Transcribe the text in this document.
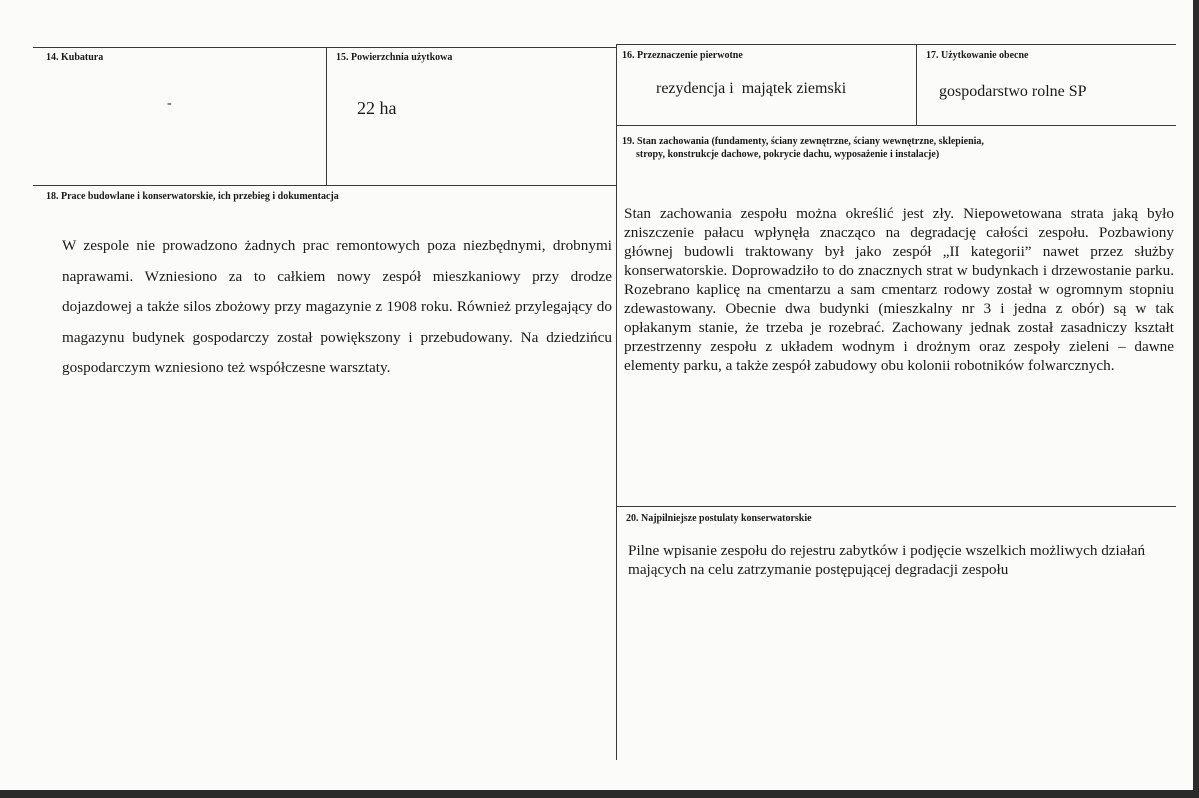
14. Kubatura
-
15. Powierzchnia użytkowa
22 ha
16. Przeznaczenie pierwotne
rezydencja i  majątek ziemski
17. Użytkowanie obecne
gospodarstwo rolne SP
19. Stan zachowania (fundamenty, ściany zewnętrzne, ściany wewnętrzne, sklepienia,
stropy, konstrukcje dachowe, pokrycie dachu, wyposażenie i instalacje)
18. Prace budowlane i konserwatorskie, ich przebieg i dokumentacja
W zespole nie prowadzono żadnych prac remontowych poza niezbędnymi, drobnymi naprawami. Wzniesiono za to całkiem nowy zespół mieszkaniowy przy drodze dojazdowej a także silos zbożowy przy magazynie z 1908 roku. Również przylegający do magazynu budynek gospodarczy został powiększony i przebudowany. Na dziedzińcu gospodarczym wzniesiono też współczesne warsztaty.
Stan zachowania zespołu można określić jest zły. Niepowetowana strata jaką było zniszczenie pałacu wpłynęła znacząco na degradację całości zespołu. Pozbawiony głównej budowli traktowany był jako zespół „II kategorii” nawet przez służby konserwatorskie. Doprowadziło to do znacznych strat w budynkach i drzewostanie parku. Rozebrano kaplicę na cmentarzu a sam cmentarz rodowy został w ogromnym stopniu zdewastowany. Obecnie dwa budynki (mieszkalny nr 3 i jedna z obór) są w tak opłakanym stanie, że trzeba je rozebrać. Zachowany jednak został zasadniczy kształt przestrzenny zespołu z układem wodnym i drożnym oraz zespoły zieleni – dawne elementy parku, a także zespół zabudowy obu kolonii robotników folwarcznych.
20. Najpilniejsze postulaty konserwatorskie
Pilne wpisanie zespołu do rejestru zabytków i podjęcie wszelkich możliwych działań mających na celu zatrzymanie postępującej degradacji zespołu
